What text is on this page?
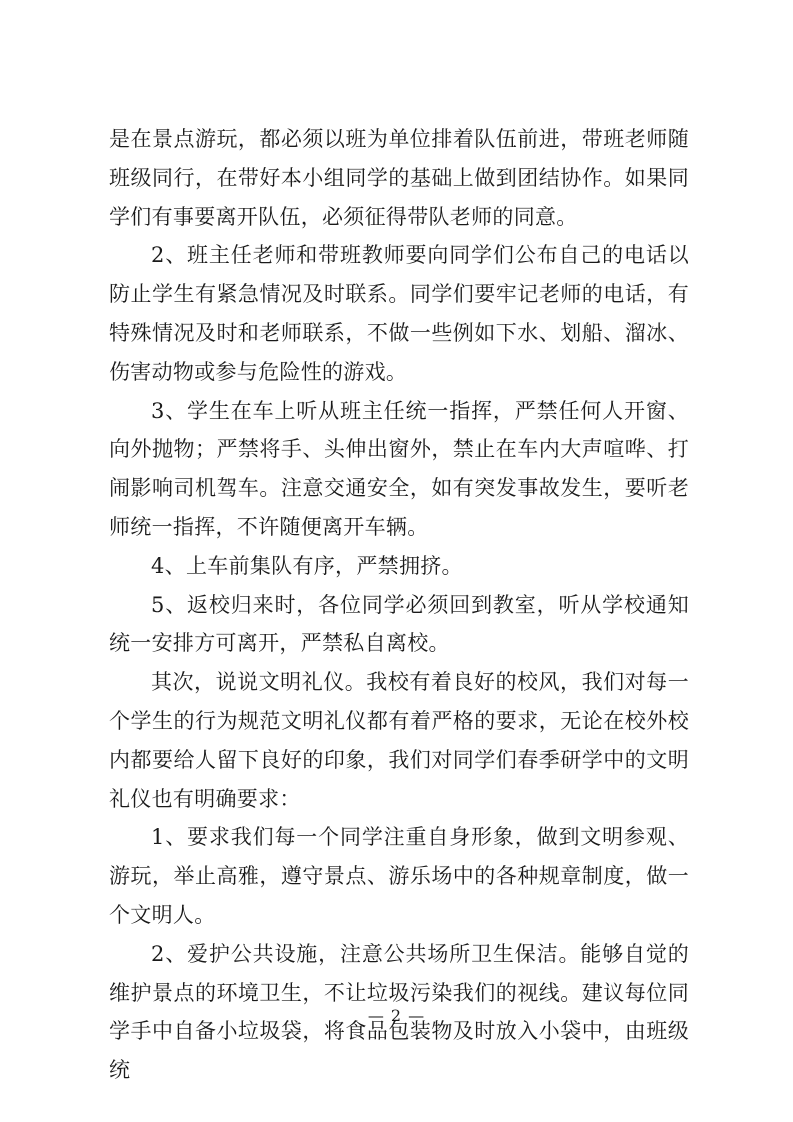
是在景点游玩，都必须以班为单位排着队伍前进，带班老师随班级同行，在带好本小组同学的基础上做到团结协作。如果同学们有事要离开队伍，必须征得带队老师的同意。

2、班主任老师和带班教师要向同学们公布自己的电话以防止学生有紧急情况及时联系。同学们要牢记老师的电话，有特殊情况及时和老师联系，不做一些例如下水、划船、溜冰、伤害动物或参与危险性的游戏。

3、学生在车上听从班主任统一指挥，严禁任何人开窗、向外抛物；严禁将手、头伸出窗外，禁止在车内大声喧哗、打闹影响司机驾车。注意交通安全，如有突发事故发生，要听老师统一指挥，不许随便离开车辆。

4、上车前集队有序，严禁拥挤。

5、返校归来时，各位同学必须回到教室，听从学校通知统一安排方可离开，严禁私自离校。

其次，说说文明礼仪。我校有着良好的校风，我们对每一个学生的行为规范文明礼仪都有着严格的要求，无论在校外校内都要给人留下良好的印象，我们对同学们春季研学中的文明礼仪也有明确要求：

1、要求我们每一个同学注重自身形象，做到文明参观、游玩，举止高雅，遵守景点、游乐场中的各种规章制度，做一个文明人。

2、爱护公共设施，注意公共场所卫生保洁。能够自觉的维护景点的环境卫生，不让垃圾污染我们的视线。建议每位同学手中自备小垃圾袋，将食品包装物及时放入小袋中，由班级统

— 2 —
